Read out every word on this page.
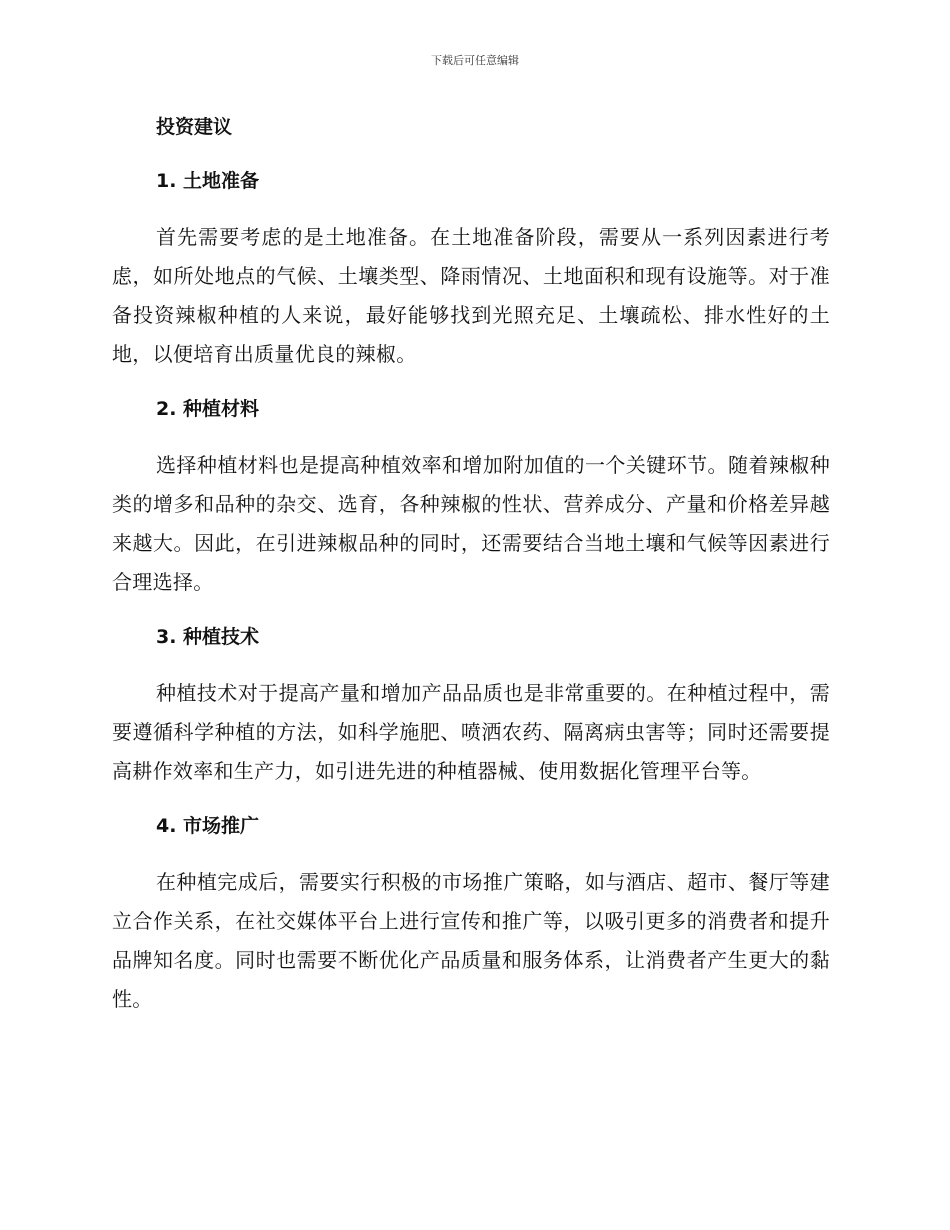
下载后可任意编辑
投资建议
1. 土地准备

首先需要考虑的是土地准备。在土地准备阶段，需要从一系列因素进行考虑，如所处地点的气候、土壤类型、降雨情况、土地面积和现有设施等。对于准备投资辣椒种植的人来说，最好能够找到光照充足、土壤疏松、排水性好的土地，以便培育出质量优良的辣椒。

2. 种植材料

选择种植材料也是提高种植效率和增加附加值的一个关键环节。随着辣椒种类的增多和品种的杂交、选育，各种辣椒的性状、营养成分、产量和价格差异越来越大。因此，在引进辣椒品种的同时，还需要结合当地土壤和气候等因素进行合理选择。

3. 种植技术

种植技术对于提高产量和增加产品品质也是非常重要的。在种植过程中，需要遵循科学种植的方法，如科学施肥、喷洒农药、隔离病虫害等；同时还需要提高耕作效率和生产力，如引进先进的种植器械、使用数据化管理平台等。

4. 市场推广

在种植完成后，需要实行积极的市场推广策略，如与酒店、超市、餐厅等建立合作关系，在社交媒体平台上进行宣传和推广等，以吸引更多的消费者和提升品牌知名度。同时也需要不断优化产品质量和服务体系，让消费者产生更大的黏性。
